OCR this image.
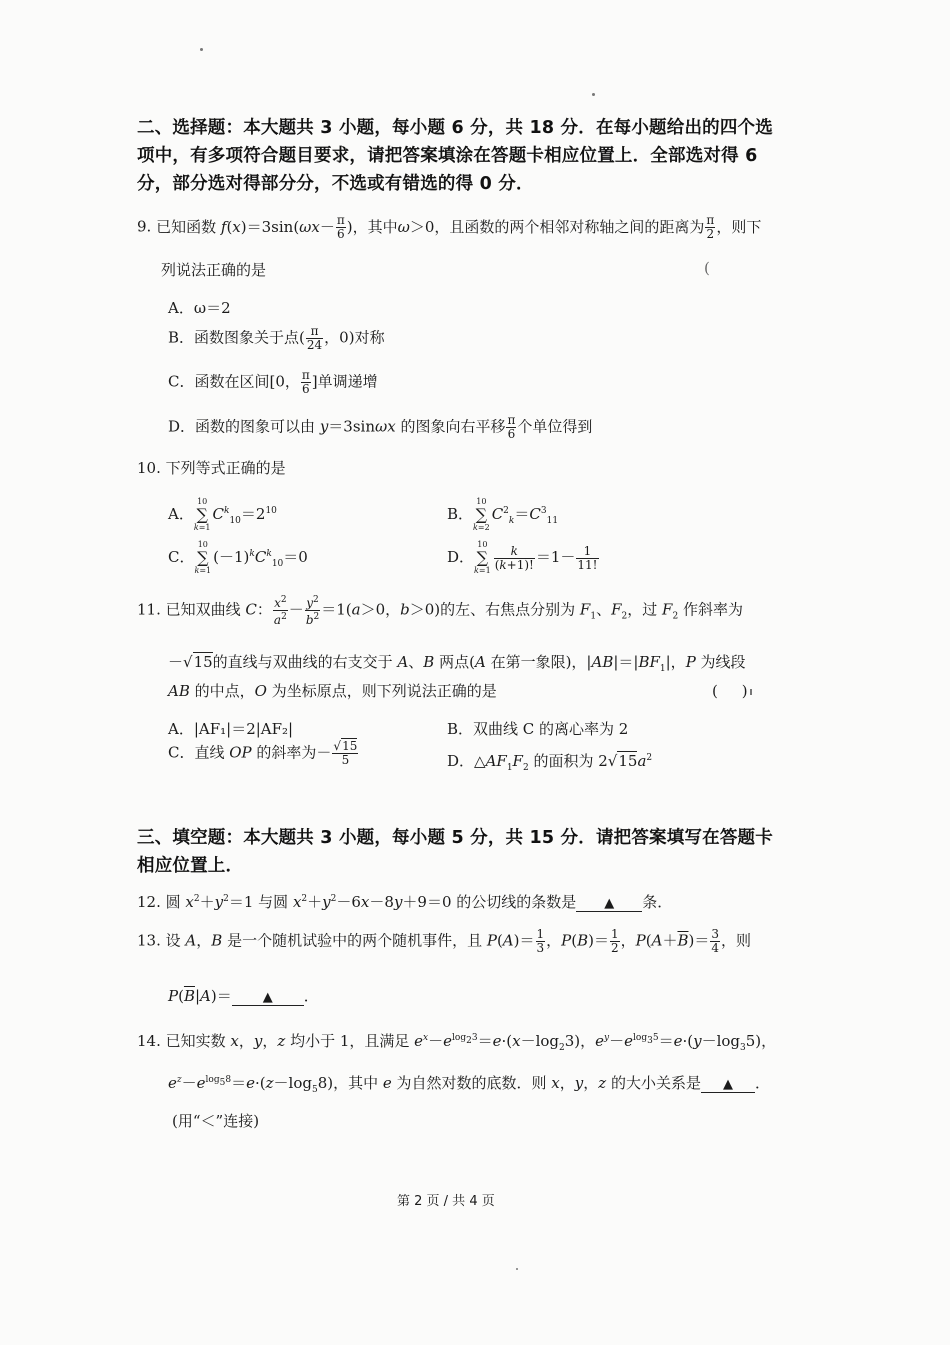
二、选择题：本大题共 3 小题，每小题 6 分，共 18 分．在每小题给出的四个选
项中，有多项符合题目要求，请把答案填涂在答题卡相应位置上．全部选对得 6
分，部分选对得部分分，不选或有错选的得 0 分．
9. 已知函数 $f(x)=3\sin(\omega x- \frac{\pi}{6}$ )，其中ω＞0，且函数的两个相邻对称轴之间的距离为 $\frac{\pi}{2}$ ，则下
列说法正确的是	(
A．ω＝2
B．函数图象关于点( $\frac{\pi}{24}$ ，0)对称
C．函数在区间[0， $\frac{\pi}{6}$ ]单调递增
D．函数的图象可以由 y＝3sinωx 的图象向右平移 $\frac{\pi}{6}$ 个单位得到
10. 下列等式正确的是
A．
10
∑
k=1
$C^k_{10}=2^{10}$	B．
10
∑
k=2
$C^2_k=C^3_{11}$
C．
10
∑
k=1
$(-1)^kC^k_{10}=0$	D．
10
∑
$k=1 \frac{k}{(k+1)!} =1- \frac{1}{11!}$
11. 已知双曲线 C： $\frac{x^2}{a^2} - \frac{y^2}{b^2} =1(a>0$，b＞0)的左、右焦点分别为 $F_1$、$F_2$，过 $F_2$ 作斜率为
－√15的直线与双曲线的右支交于 A、B 两点(A 在第一象限)，$|AB|=|BF_1|$，P 为线段
AB 的中点，O 为坐标原点，则下列说法正确的是	(     )
A．|AF₁|＝2|AF₂|	B．双曲线 C 的离心率为 2
C．直线 OP 的斜率为－ $\frac{√15}{5}$	D．$\triangle AF_1F_2$ 的面积为 $2√15a^2$
三、填空题：本大题共 3 小题，每小题 5 分，共 15 分．请把答案填写在答题卡
相应位置上．
12. 圆 $x^2+y^2=1$ 与圆 $x^2+y^2-6x-8y+9=0$ 的公切线的条数是 ▲ 条．
13. 设 A，B 是一个随机试验中的两个随机事件，且 $P(A)= \frac{1}{3}$ ，$P(B)= \frac{1}{2}$ ，$P(A+\overline{B})= \frac{3}{4}$ ，则
$P(\overline{B}|A)=$ ▲ ．
14. 已知实数 x，y，z 均小于 1，且满足 $e^x-e^{log_23}=e\cdot(x-\log_23)$，$e^y-e^{log_35}=e\cdot(y-\log_35)$，
$e^z-e^{log_58}=e\cdot(z-\log_58)$，其中 e 为自然对数的底数．则 x，y，z 的大小关系是 ▲ ．
(用“＜”连接)
第 2 页 / 共 4 页
